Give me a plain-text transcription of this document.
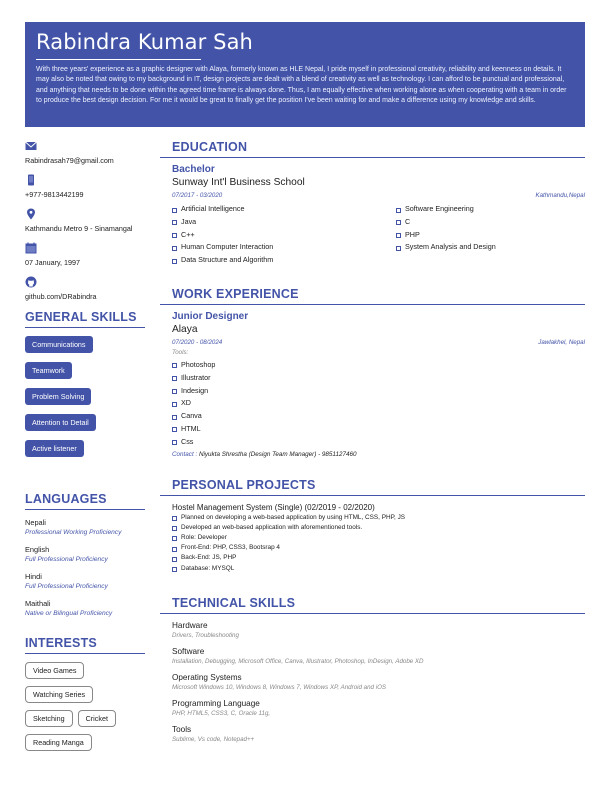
Rabindra Kumar Sah
With three years' experience as a graphic designer with Alaya, formerly known as HLE Nepal, I pride myself in professional creativity, reliability and keenness on details. It may also be noted that owing to my background in IT, design projects are dealt with a blend of creativity as well as technology. I can afford to be punctual and professional, and anything that needs to be done within the agreed time frame is always done. Thus, I am equally effective when working alone as when cooperating with a team in order to produce the best design decision. For me it would be great to finally get the position I've been waiting for and make a difference using my knowledge and skills.
Rabindrasah79@gmail.com
+977-9813442199
Kathmandu Metro 9 - Sinamangal
07 January, 1997
github.com/DRabindra
GENERAL SKILLS
Communications
Teamwork
Problem Solving
Attention to Detail
Active listener
LANGUAGES
Nepali
Professional Working Proficiency
English
Full Professional Proficiency
Hindi
Full Professional Proficiency
Maithali
Native or Bilingual Proficiency
INTERESTS
Video Games
Watching Series
Sketching	Cricket
Reading Manga
EDUCATION
Bachelor
Sunway Int'l Business School
07/2017 - 03/2020	Kathmandu,Nepal
Artificial Intelligence
Java
C++
Human Computer Interaction
Data Structure and Algorithm
Software Engineering
C
PHP
System Analysis and Design
WORK EXPERIENCE
Junior Designer
Alaya
07/2020 - 08/2024	Jawlakhel, Nepal
Tools:
Photoshop
Illustrator
Indesign
XD
Canva
HTML
Css
Contact : Niyukta Shrestha (Design Team Manager) - 9851127460
PERSONAL PROJECTS
Hostel Management System (Single) (02/2019 - 02/2020)
Planned on developing a web-based application by using HTML, CSS, PHP, JS
Developed an web-based application with aforementioned tools.
Role: Developer
Front-End: PHP, CSS3, Bootsrap 4
Back-End: JS, PHP
Database: MYSQL
TECHNICAL SKILLS
Hardware
Drivers, Troubleshooting
Software
Installation, Debugging, Microsoft Office, Canva, Illustrator, Photoshop, InDesign, Adobe XD
Operating Systems
Microsoft Windows 10, Windows 8, Windows 7, Windows XP, Android and iOS
Programming Language
PHP, HTML5, CSS3, C, Oracle 11g,
Tools
Sublime, Vs code, Notepad++
